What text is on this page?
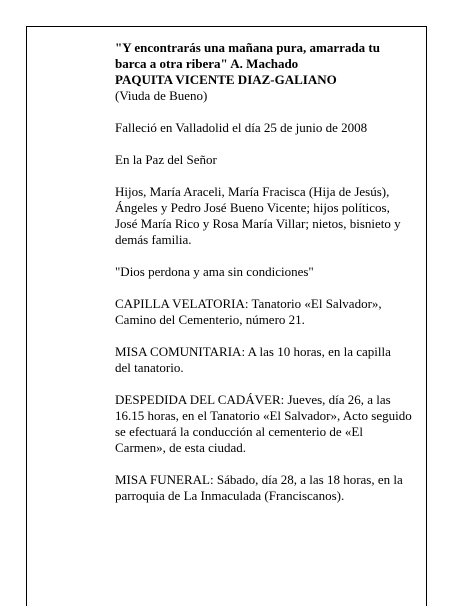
"Y encontrarás una mañana pura, amarrada tu

barca a otra ribera" A. Machado

PAQUITA VICENTE DIAZ-GALIANO

(Viuda de Bueno)

Falleció en Valladolid el día 25 de junio de 2008

En la Paz del Señor

Hijos, María Araceli, María Fracisca (Hija de Jesús),

Ángeles y Pedro José Bueno Vicente; hijos políticos,

José María Rico y Rosa María Villar; nietos, bisnieto y

demás familia.

"Dios perdona y ama sin condiciones"

CAPILLA VELATORIA: Tanatorio «El Salvador»,

Camino del Cementerio, número 21.

MISA COMUNITARIA: A las 10 horas, en la capilla

del tanatorio.

DESPEDIDA DEL CADÁVER: Jueves, día 26, a las

16.15 horas, en el Tanatorio «El Salvador», Acto seguido

se efectuará la conducción al cementerio de «El

Carmen», de esta ciudad.

MISA FUNERAL: Sábado, día 28, a las 18 horas, en la

parroquia de La Inmaculada (Franciscanos).
